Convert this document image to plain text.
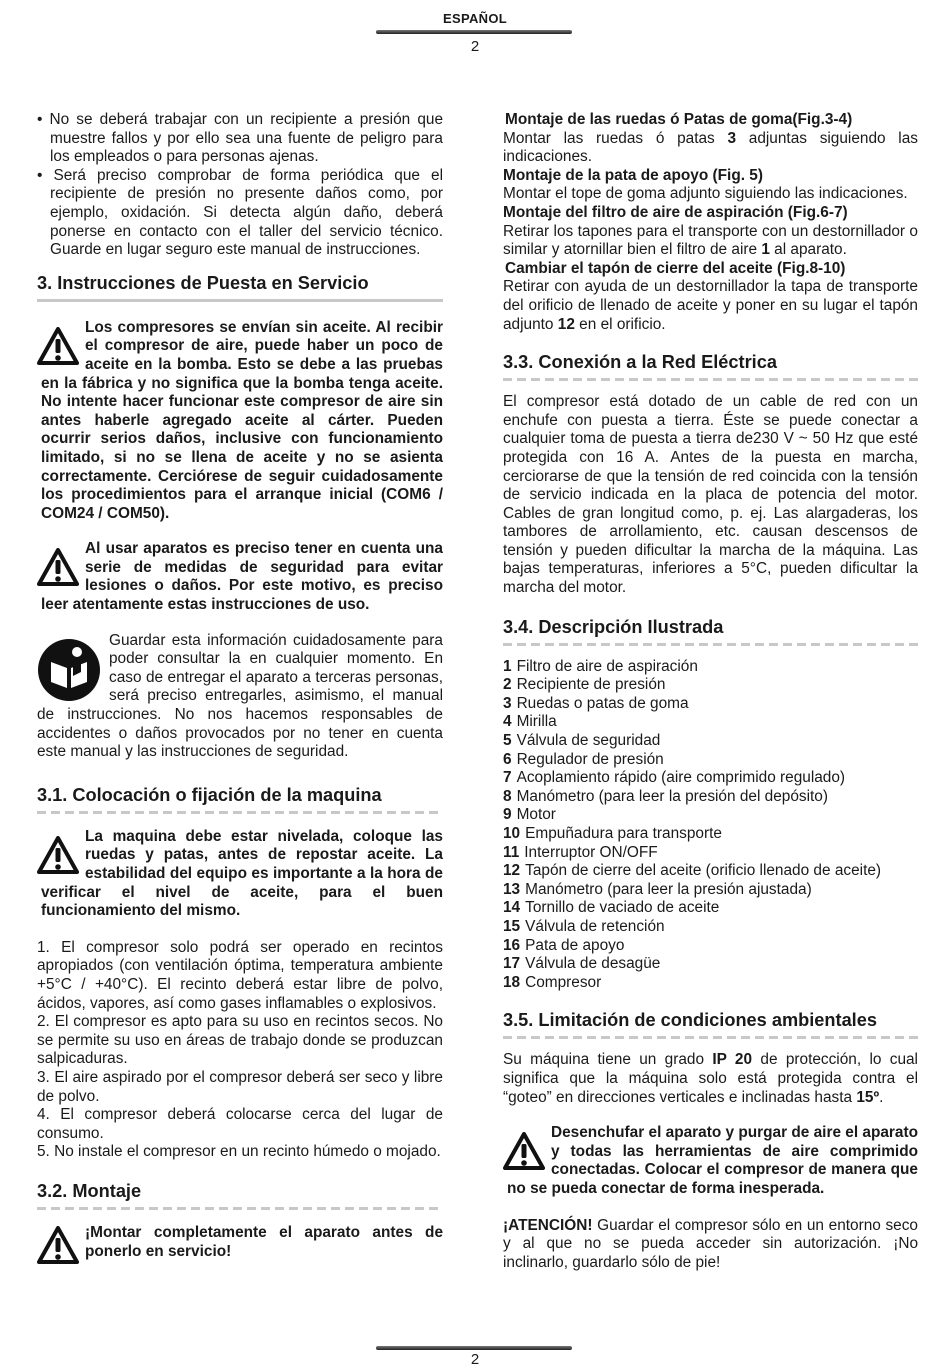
ESPAÑOL
2

• No se deberá trabajar con un recipiente a presión que muestre fallos y por ello sea una fuente de peligro para los empleados o para personas ajenas.

• Será preciso comprobar de forma periódica que el recipiente de presión no presente daños como, por ejemplo, oxidación. Si detecta algún daño, deberá ponerse en contacto con el taller del servicio técnico. Guarde en lugar seguro este manual de instrucciones.

3. Instrucciones de Puesta en Servicio

Los compresores se envían sin aceite. Al recibir el compresor de aire, puede haber un poco de aceite en la bomba. Esto se debe a las pruebas en la fábrica y no significa que la bomba tenga aceite. No intente hacer funcionar este compresor de aire sin antes haberle agregado aceite al cárter. Pueden ocurrir serios daños, inclusive con funcionamiento limitado, si no se llena de aceite y no se asienta correctamente. Cerciórese de seguir cuidadosamente los procedimientos para el arranque inicial (COM6 / COM24 / COM50).

Al usar aparatos es preciso tener en cuenta una serie de medidas de seguridad para evitar lesiones o daños. Por este motivo, es preciso leer atentamente estas instrucciones de uso.

Guardar esta información cuidadosamente para poder consultar la en cualquier momento. En caso de entregar el aparato a terceras personas, será preciso entregarles, asimismo, el manual de instrucciones. No nos hacemos responsables de accidentes o daños provocados por no tener en cuenta este manual y las instrucciones de seguridad.

3.1. Colocación o fijación de la maquina

La maquina debe estar nivelada, coloque las ruedas y patas, antes de repostar aceite. La estabilidad del equipo es importante a la hora de verificar el nivel de aceite, para el buen funcionamiento del mismo.

1. El compresor solo podrá ser operado en recintos apropiados (con ventilación óptima, temperatura ambiente +5°C / +40°C). El recinto deberá estar libre de polvo, ácidos, vapores, así como gases inflamables o explosivos.

2. El compresor es apto para su uso en recintos secos. No se permite su uso en áreas de trabajo donde se produzcan salpicaduras.

3. El aire aspirado por el compresor deberá ser seco y libre de polvo.

4. El compresor deberá colocarse cerca del lugar de consumo.

5. No instale el compresor en un recinto húmedo o mojado.

3.2. Montaje

¡Montar completamente el aparato antes de ponerlo en servicio!

Montaje de las ruedas ó Patas de goma(Fig.3-4)

Montar las ruedas ó patas 3 adjuntas siguiendo las indicaciones.

Montaje de la pata de apoyo (Fig. 5)

Montar el tope de goma adjunto siguiendo las indicaciones.

Montaje del filtro de aire de aspiración (Fig.6-7)

Retirar los tapones para el transporte con un destornillador o similar y atornillar bien el filtro de aire 1 al aparato.

Cambiar el tapón de cierre del aceite (Fig.8-10)

Retirar con ayuda de un destornillador la tapa de transporte del orificio de llenado de aceite y poner en su lugar el tapón adjunto 12 en el orificio.

3.3. Conexión a la Red Eléctrica

El compresor está dotado de un cable de red con un enchufe con puesta a tierra. Éste se puede conectar a cualquier toma de puesta a tierra de230 V ~ 50 Hz que esté protegida con 16 A. Antes de la puesta en marcha, cerciorarse de que la tensión de red coincida con la tensión de servicio indicada en la placa de potencia del motor. Cables de gran longitud como, p. ej. Las alargaderas, los tambores de arrollamiento, etc. causan descensos de tensión y pueden dificultar la marcha de la máquina. Las bajas temperaturas, inferiores a 5°C, pueden dificultar la marcha del motor.

3.4. Descripción Ilustrada
1 Filtro de aire de aspiración
2 Recipiente de presión
3 Ruedas o patas de goma
4 Mirilla
5 Válvula de seguridad
6 Regulador de presión
7 Acoplamiento rápido (aire comprimido regulado)
8 Manómetro (para leer la presión del depósito)
9 Motor
10 Empuñadura para transporte
11 Interruptor ON/OFF
12 Tapón de cierre del aceite (orificio llenado de aceite)
13 Manómetro (para leer la presión ajustada)
14 Tornillo de vaciado de aceite
15 Válvula de retención
16 Pata de apoyo
17 Válvula de desagüe
18 Compresor
3.5. Limitación de condiciones ambientales

Su máquina tiene un grado IP 20 de protección, lo cual significa que la máquina solo está protegida contra el “goteo” en direcciones verticales e inclinadas hasta 15º.

Desenchufar el aparato y purgar de aire el aparato y todas las herramientas de aire comprimido conectadas. Colocar el compresor de manera que no se pueda conectar de forma inesperada.

¡ATENCIÓN! Guardar el compresor sólo en un entorno seco y al que no se pueda acceder sin autorización. ¡No inclinarlo, guardarlo sólo de pie!

2
